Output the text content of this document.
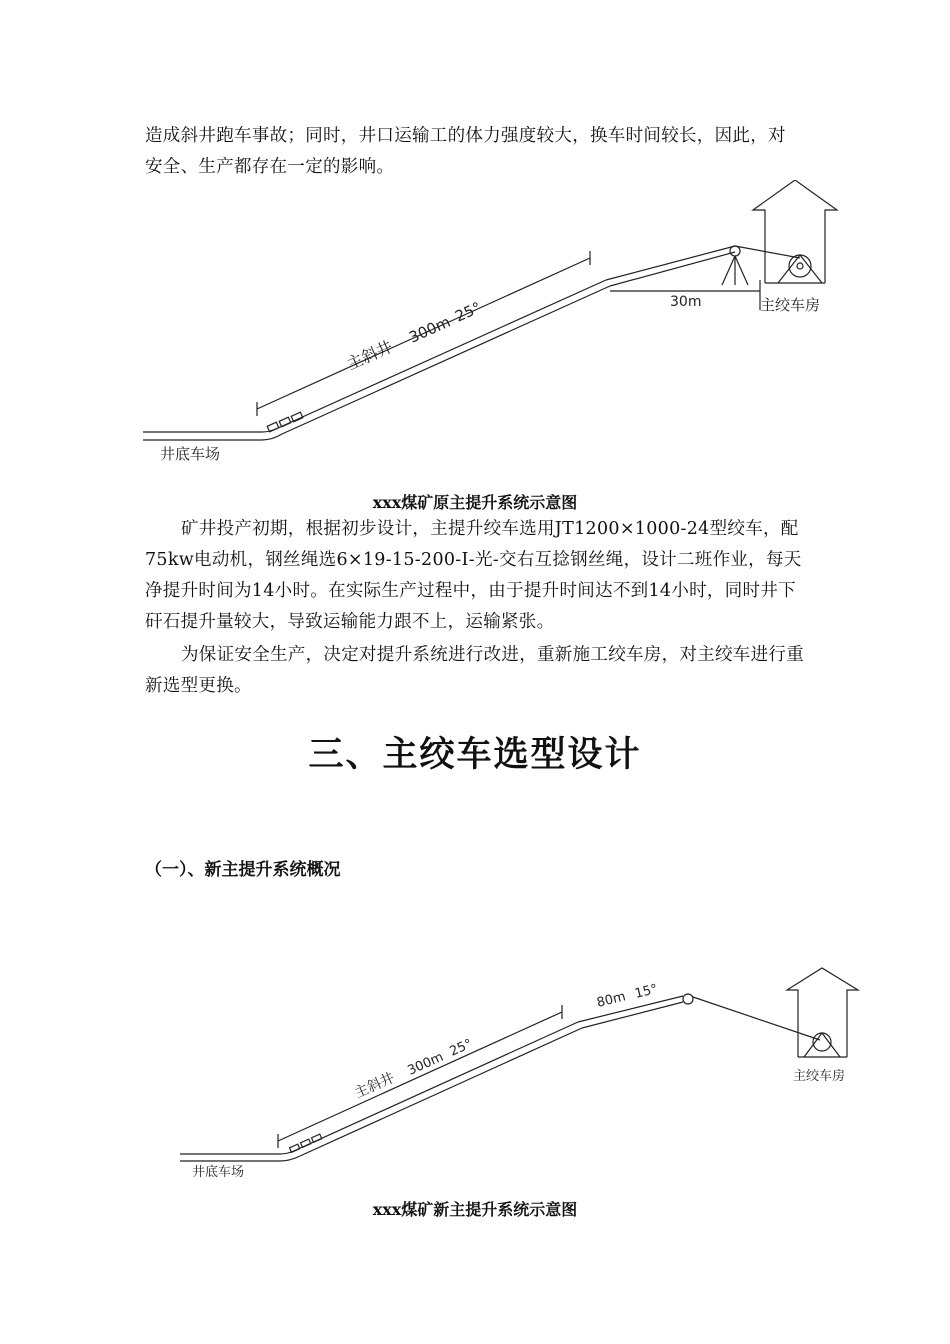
造成斜井跑车事故；同时，井口运输工的体力强度较大，换车时间较长，因此，对
安全、生产都存在一定的影响。
主斜井
300m
25°	30m	主绞车房
井底车场
xxx煤矿原主提升系统示意图
矿井投产初期，根据初步设计，主提升绞车选用JT1200×1000-24型绞车，配75kw电动机，钢丝绳选6×19-15-200-I-光-交右互捻钢丝绳，设计二班作业，每天净提升时间为14小时。在实际生产过程中，由于提升时间达不到14小时，同时井下矸石提升量较大，导致运输能力跟不上，运输紧张。
为保证安全生产，决定对提升系统进行改进，重新施工绞车房，对主绞车进行重新选型更换。
三、主绞车选型设计
（一）、新主提升系统概况
主斜井
300m
25°
80m 15°
主绞车房
井底车场
xxx煤矿新主提升系统示意图
